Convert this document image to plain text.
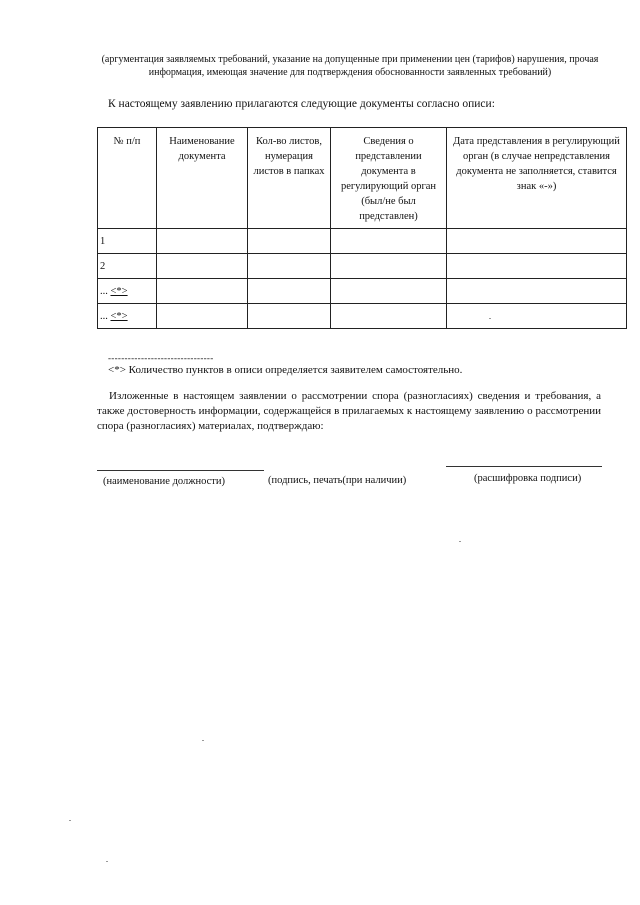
(аргументация заявляемых требований, указание на допущенные при применении цен (тарифов) нарушения, прочая информация, имеющая значение для подтверждения обоснованности заявленных требований)
К настоящему заявлению прилагаются следующие документы согласно описи:
№ п/п	Наименование документа	Кол-во листов, нумерация листов в папках	Сведения о представлении документа в регулирующий орган (был/не был представлен)	Дата представления в регулирующий орган (в случае непредставления документа не заполняется, ставится знак «-»)
1				
2				
... <*>				
... <*>				
--------------------------------
<*> Количество пунктов в описи определяется заявителем самостоятельно.
Изложенные в настоящем заявлении о рассмотрении спора (разногласиях) сведения и требования, а также достоверность информации, содержащейся в прилагаемых к настоящему заявлению о рассмотрении спора (разногласиях) материалах, подтверждаю:
(наименование должности)	(подпись, печать(при наличии)	(расшифровка подписи)
